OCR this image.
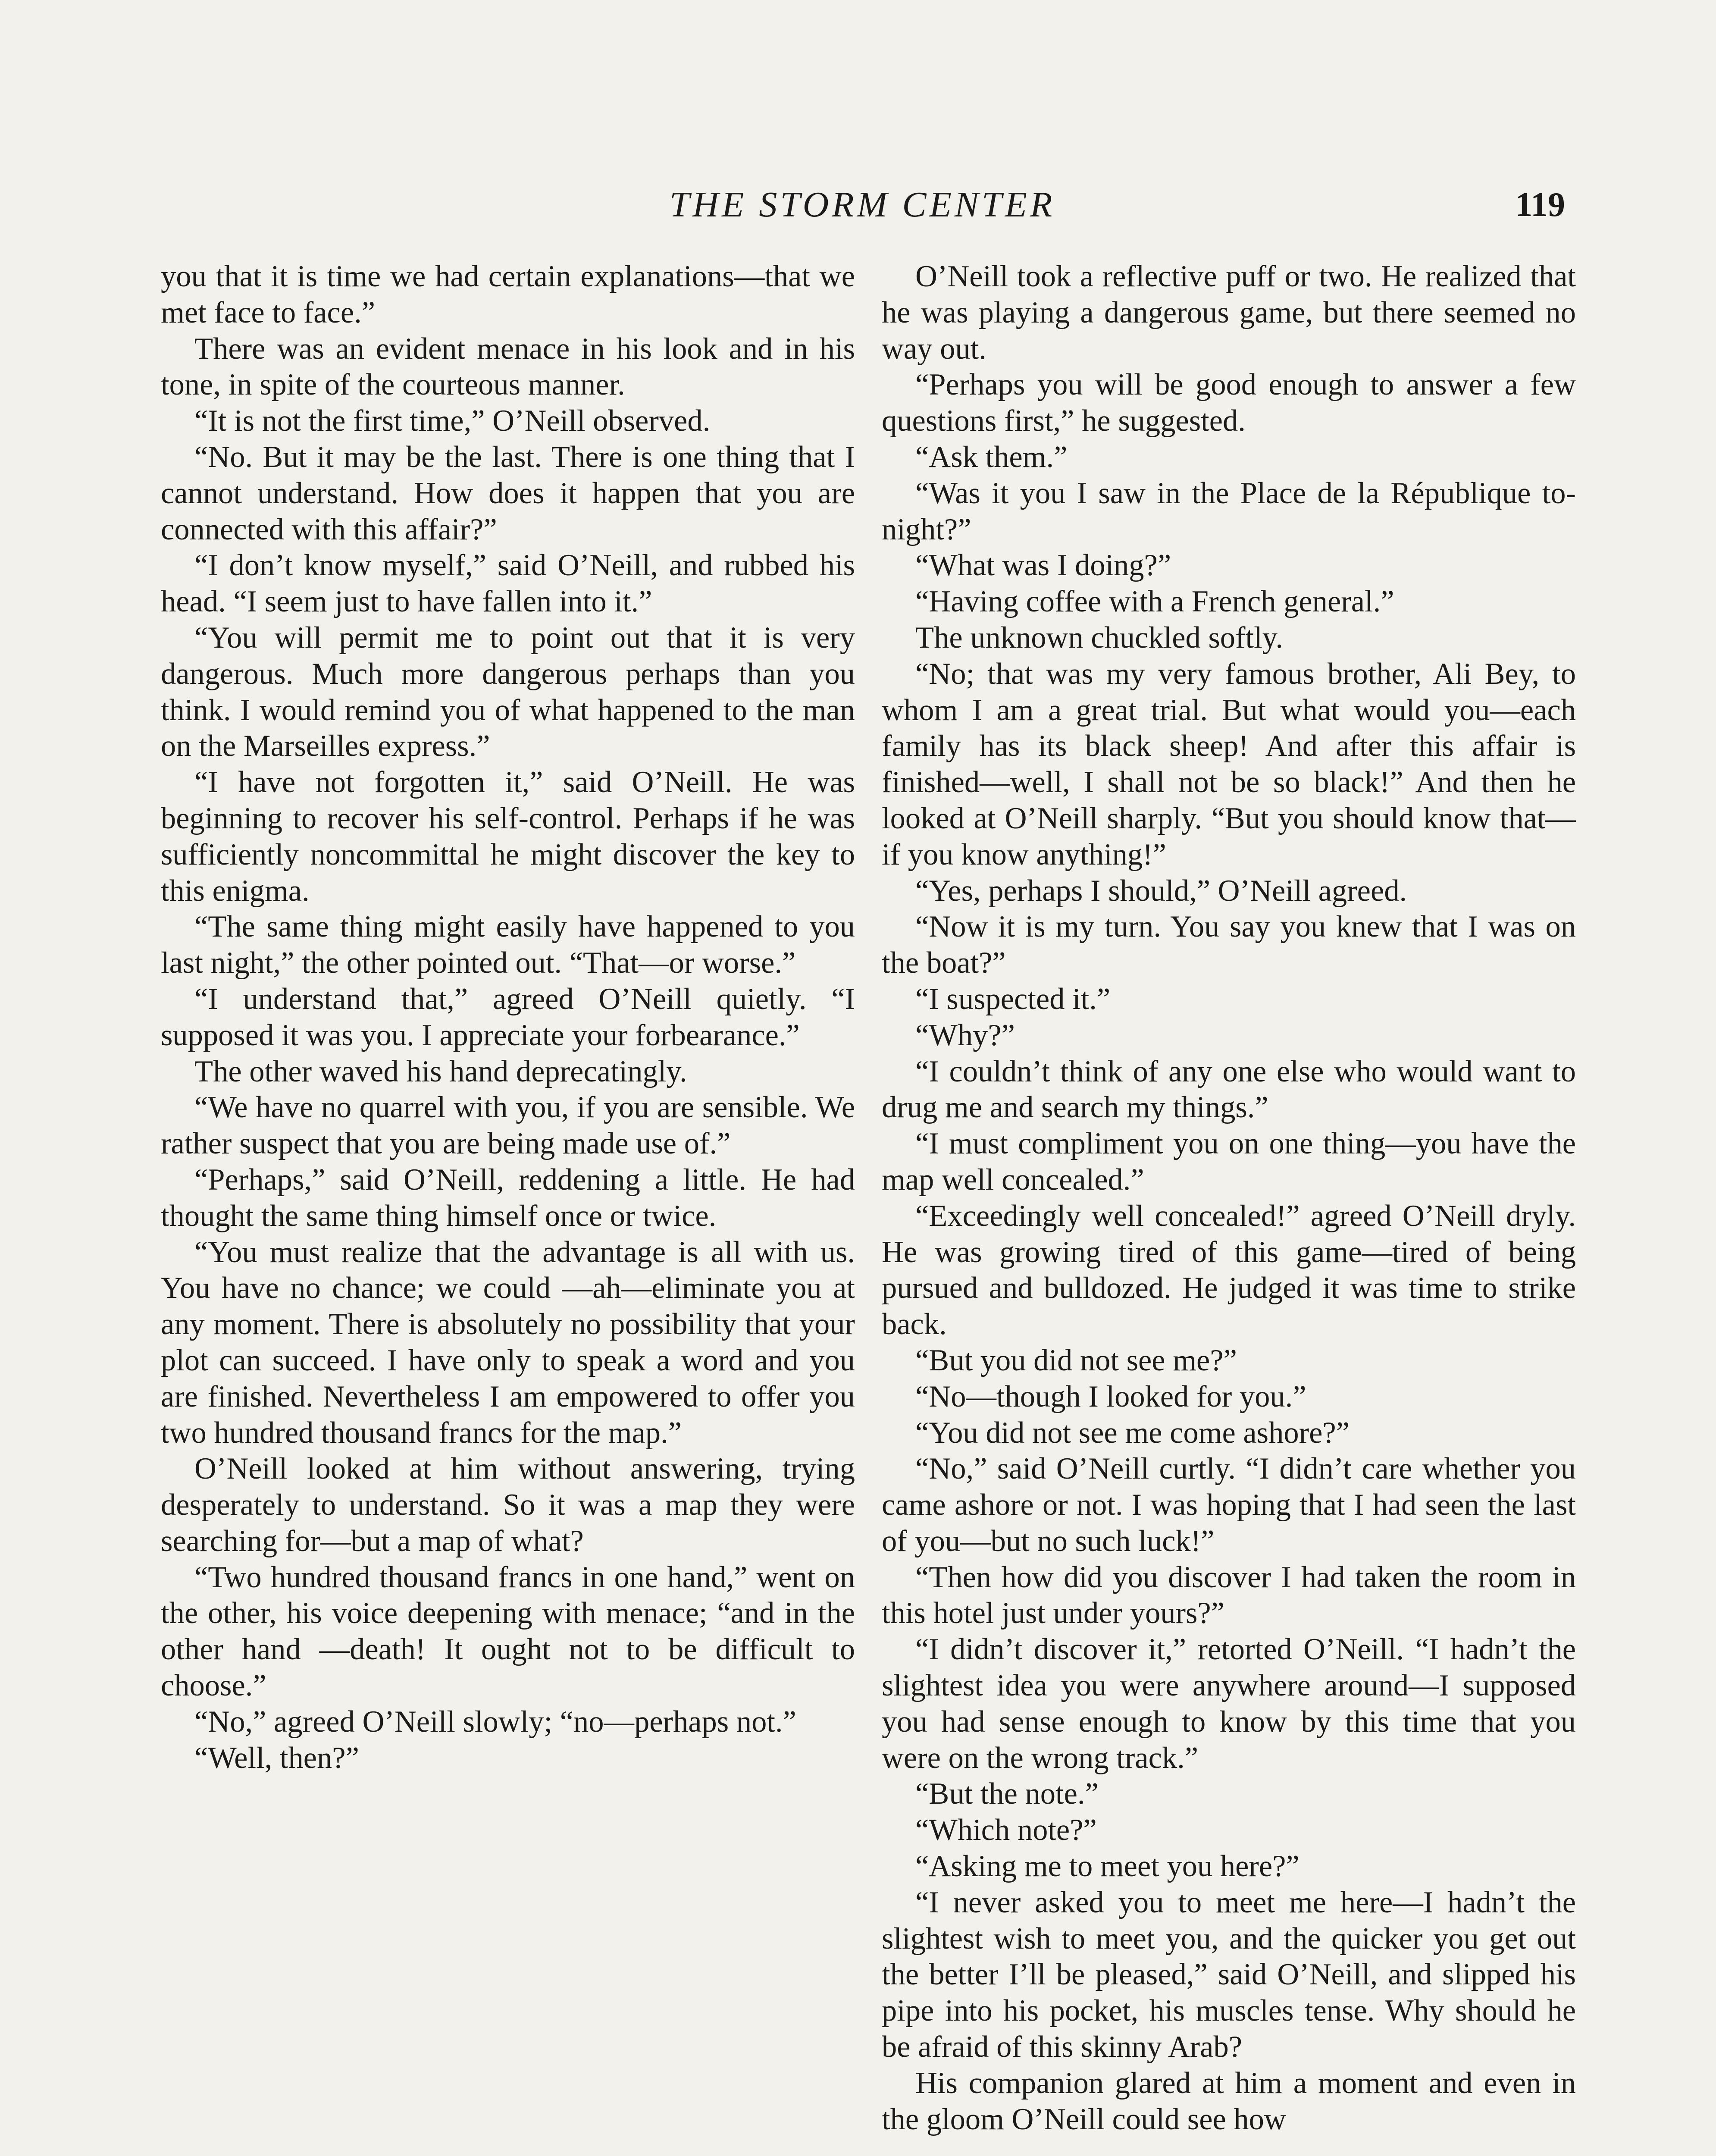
THE STORM CENTER	119

you that it is time we had certain explanations—that we met face to face.”

There was an evident menace in his look and in his tone, in spite of the courteous manner.

“It is not the first time,” O’Neill observed.

“No. But it may be the last. There is one thing that I cannot understand. How does it happen that you are connected with this affair?”

“I don’t know myself,” said O’Neill, and rubbed his head. “I seem just to have fallen into it.”

“You will permit me to point out that it is very dangerous. Much more dangerous perhaps than you think. I would remind you of what happened to the man on the Marseilles express.”

“I have not forgotten it,” said O’Neill. He was beginning to recover his self-control. Perhaps if he was sufficiently noncommittal he might discover the key to this enigma.

“The same thing might easily have happened to you last night,” the other pointed out. “That—or worse.”

“I understand that,” agreed O’Neill quietly. “I supposed it was you. I appreciate your forbearance.”

The other waved his hand deprecatingly.

“We have no quarrel with you, if you are sensible. We rather suspect that you are being made use of.”

“Perhaps,” said O’Neill, reddening a little. He had thought the same thing himself once or twice.

“You must realize that the advantage is all with us. You have no chance; we could —ah—eliminate you at any moment. There is absolutely no possibility that your plot can succeed. I have only to speak a word and you are finished. Nevertheless I am empowered to offer you two hundred thousand francs for the map.”

O’Neill looked at him without answering, trying desperately to understand. So it was a map they were searching for—but a map of what?

“Two hundred thousand francs in one hand,” went on the other, his voice deepening with menace; “and in the other hand —death! It ought not to be difficult to choose.”

“No,” agreed O’Neill slowly; “no—perhaps not.”

“Well, then?”

O’Neill took a reflective puff or two. He realized that he was playing a dangerous game, but there seemed no way out.

“Perhaps you will be good enough to answer a few questions first,” he suggested.

“Ask them.”

“Was it you I saw in the Place de la République to-night?”

“What was I doing?”

“Having coffee with a French general.”

The unknown chuckled softly.

“No; that was my very famous brother, Ali Bey, to whom I am a great trial. But what would you—each family has its black sheep! And after this affair is finished—well, I shall not be so black!” And then he looked at O’Neill sharply. “But you should know that—if you know anything!”

“Yes, perhaps I should,” O’Neill agreed.

“Now it is my turn. You say you knew that I was on the boat?”

“I suspected it.”

“Why?”

“I couldn’t think of any one else who would want to drug me and search my things.”

“I must compliment you on one thing—you have the map well concealed.”

“Exceedingly well concealed!” agreed O’Neill dryly. He was growing tired of this game—tired of being pursued and bulldozed. He judged it was time to strike back.

“But you did not see me?”

“No—though I looked for you.”

“You did not see me come ashore?”

“No,” said O’Neill curtly. “I didn’t care whether you came ashore or not. I was hoping that I had seen the last of you—but no such luck!”

“Then how did you discover I had taken the room in this hotel just under yours?”

“I didn’t discover it,” retorted O’Neill. “I hadn’t the slightest idea you were anywhere around—I supposed you had sense enough to know by this time that you were on the wrong track.”

“But the note.”

“Which note?”

“Asking me to meet you here?”

“I never asked you to meet me here—I hadn’t the slightest wish to meet you, and the quicker you get out the better I’ll be pleased,” said O’Neill, and slipped his pipe into his pocket, his muscles tense. Why should he be afraid of this skinny Arab?

His companion glared at him a moment and even in the gloom O’Neill could see how
